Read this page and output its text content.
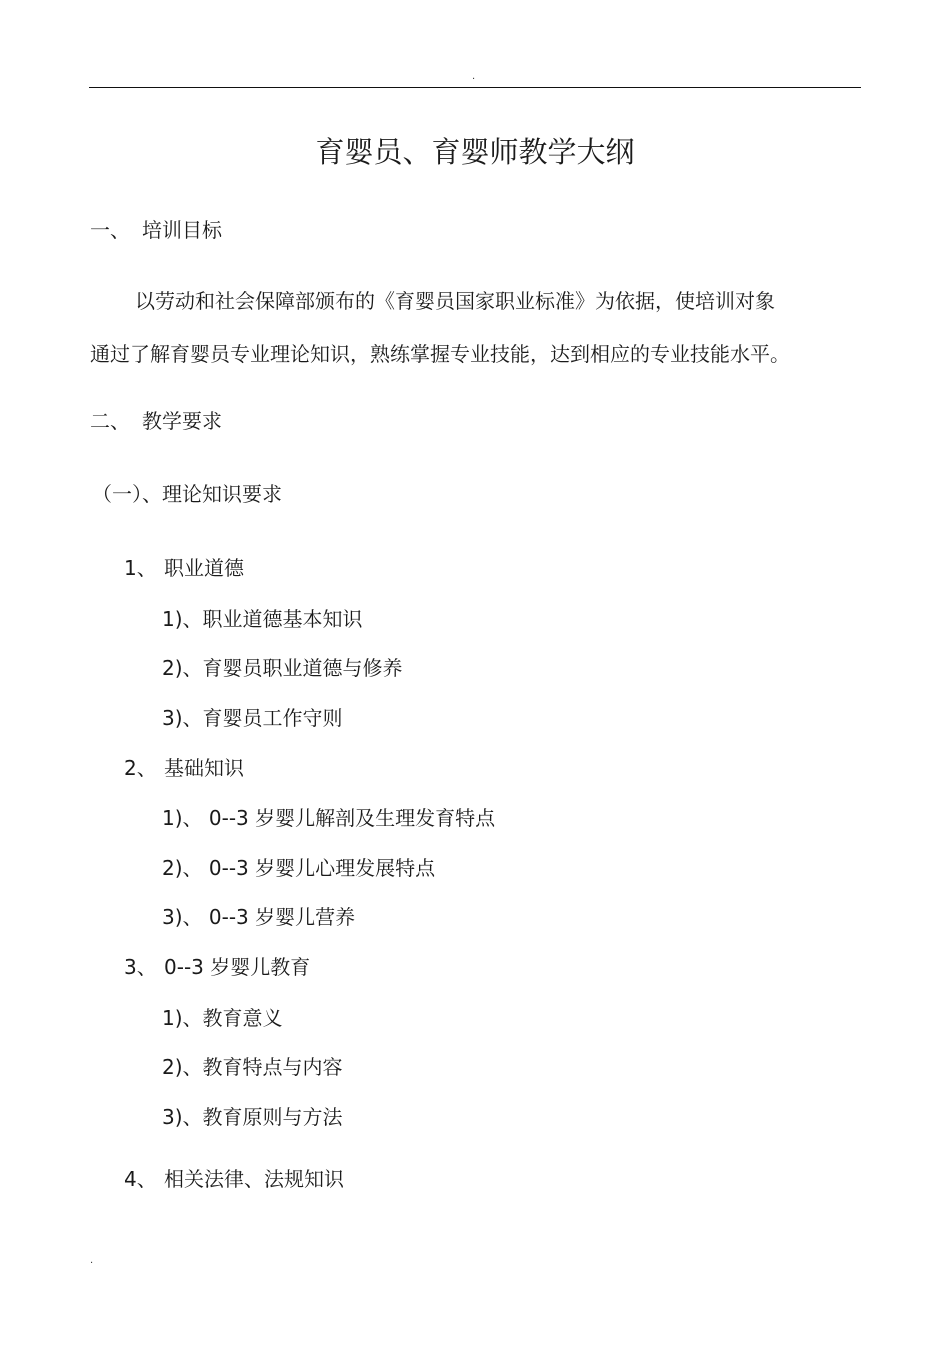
.
育婴员、育婴师教学大纲
一、 培训目标
以劳动和社会保障部颁布的《育婴员国家职业标准》为依据，使培训对象
通过了解育婴员专业理论知识，熟练掌握专业技能，达到相应的专业技能水平。
二、 教学要求
（一）、理论知识要求
1、 职业道德
1)、职业道德基本知识
2)、育婴员职业道德与修养
3)、育婴员工作守则
2、 基础知识
1)、 0--3 岁婴儿解剖及生理发育特点
2)、 0--3 岁婴儿心理发展特点
3)、 0--3 岁婴儿营养
3、 0--3 岁婴儿教育
1)、教育意义
2)、教育特点与内容
3)、教育原则与方法
4、 相关法律、法规知识
.
